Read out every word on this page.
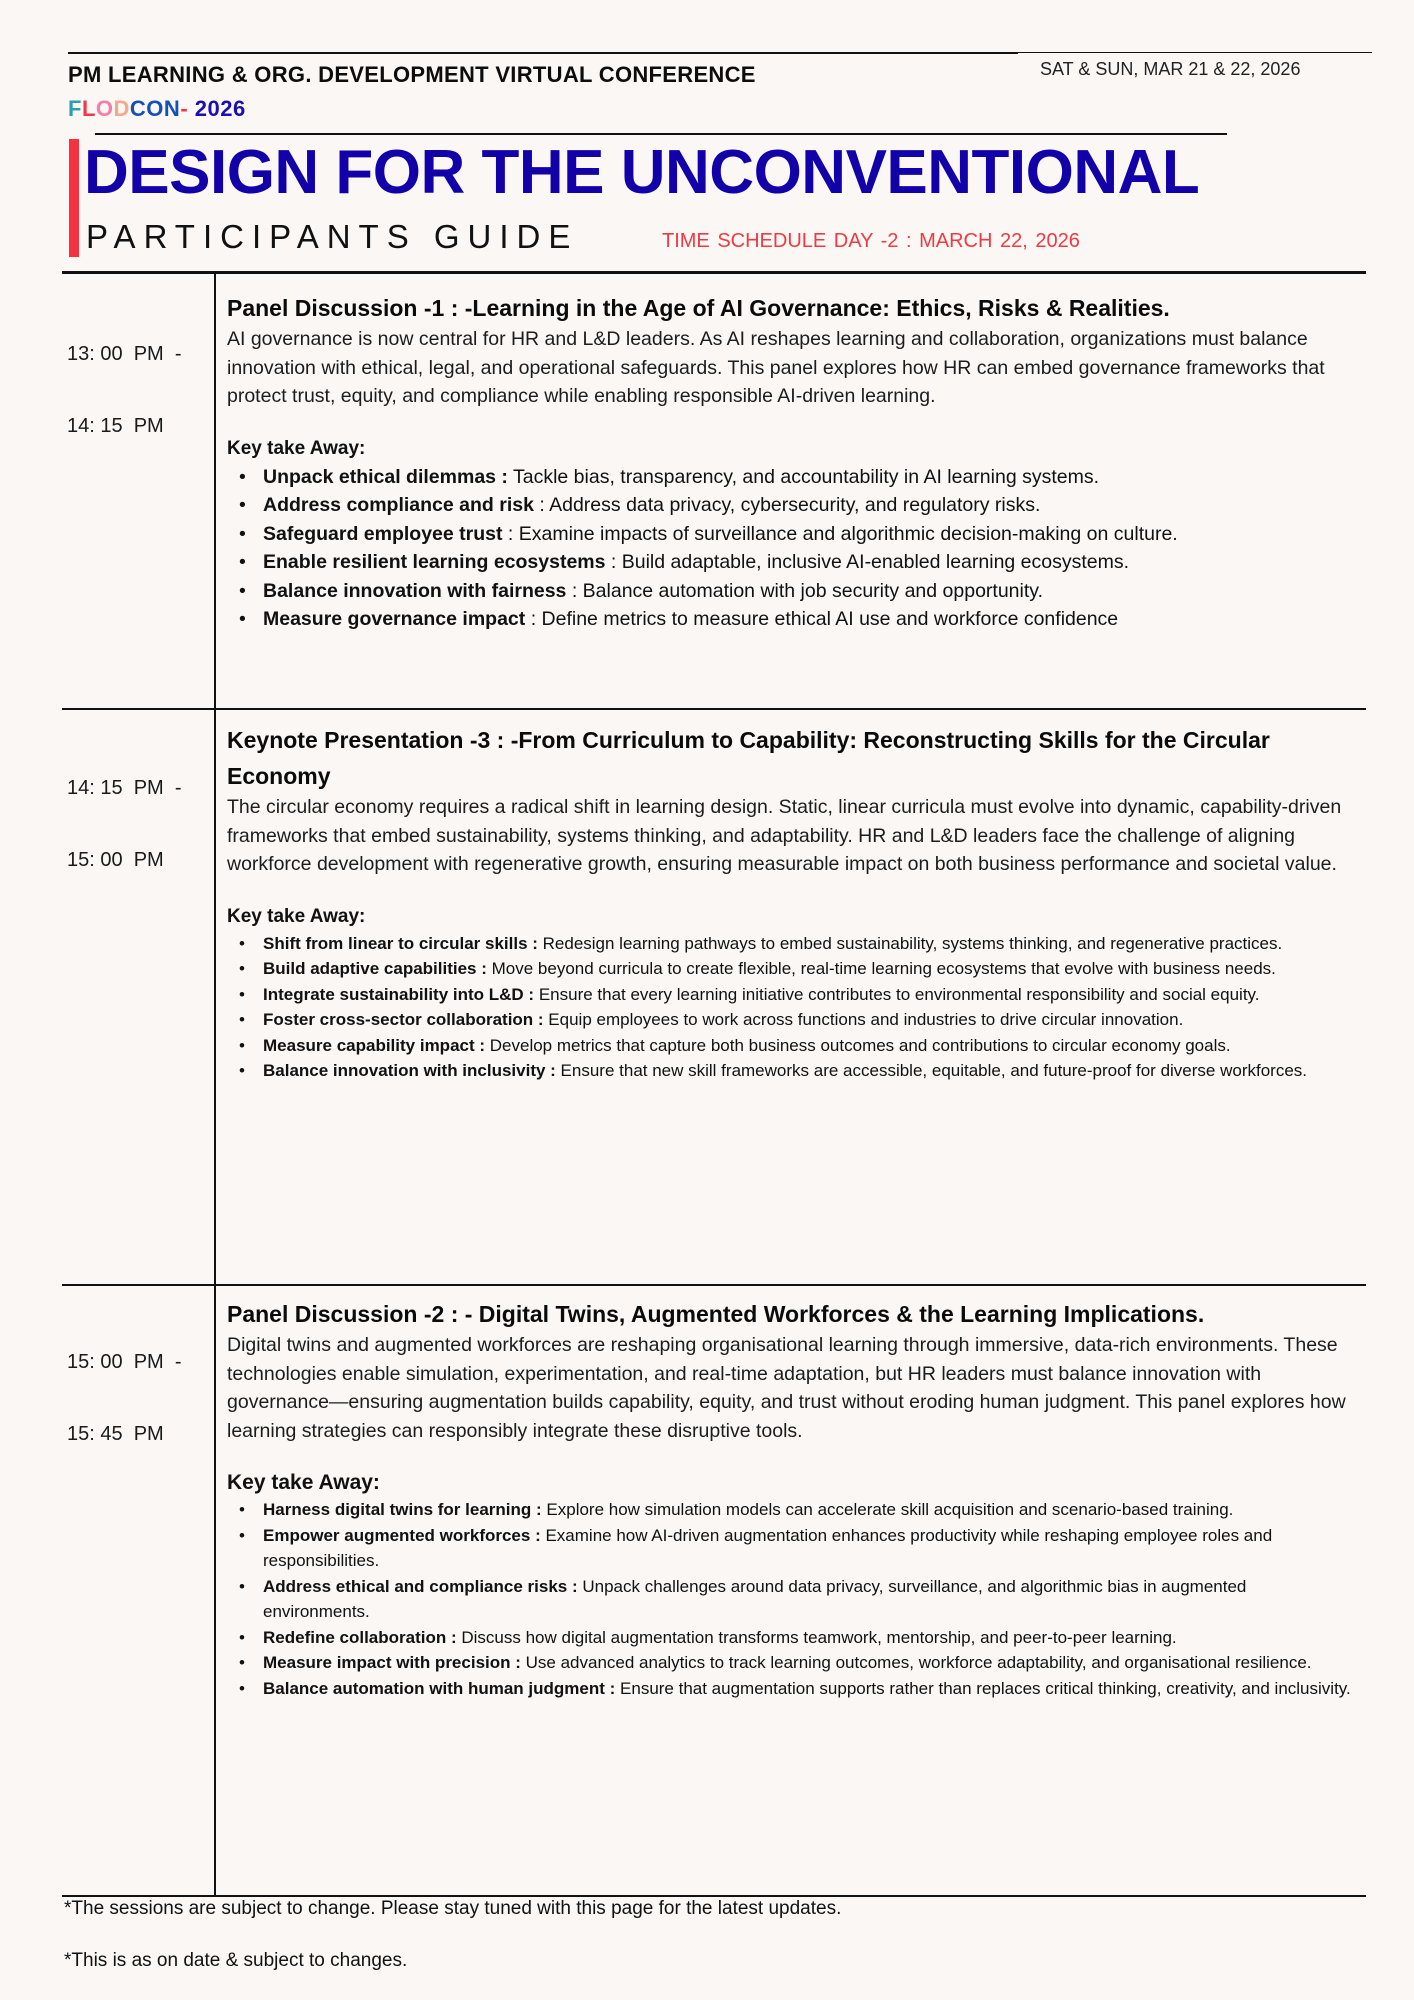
PM LEARNING & ORG. DEVELOPMENT VIRTUAL CONFERENCE	SAT & SUN, MAR 21 & 22, 2026
FLODCON- 2026
DESIGN FOR THE UNCONVENTIONAL
PARTICIPANTS GUIDE	TIME SCHEDULE DAY -2 : MARCH 22, 2026

13: 00  PM  -

14: 15  PM

Panel Discussion -1 : -Learning in the Age of AI Governance: Ethics, Risks & Realities.
AI governance is now central for HR and L&D leaders. As AI reshapes learning and collaboration, organizations must balance innovation with ethical, legal, and operational safeguards. This panel explores how HR can embed governance frameworks that protect trust, equity, and compliance while enabling responsible AI-driven learning.
Key take Away:
• Unpack ethical dilemmas : Tackle bias, transparency, and accountability in AI learning systems.
• Address compliance and risk : Address data privacy, cybersecurity, and regulatory risks.
• Safeguard employee trust : Examine impacts of surveillance and algorithmic decision-making on culture.
• Enable resilient learning ecosystems : Build adaptable, inclusive AI-enabled learning ecosystems.
• Balance innovation with fairness : Balance automation with job security and opportunity.
• Measure governance impact : Define metrics to measure ethical AI use and workforce confidence

14: 15  PM  -

15: 00  PM

Keynote Presentation -3 : -From Curriculum to Capability: Reconstructing Skills for the Circular Economy
The circular economy requires a radical shift in learning design. Static, linear curricula must evolve into dynamic, capability-driven frameworks that embed sustainability, systems thinking, and adaptability. HR and L&D leaders face the challenge of aligning workforce development with regenerative growth, ensuring measurable impact on both business performance and societal value.
Key take Away:
• Shift from linear to circular skills : Redesign learning pathways to embed sustainability, systems thinking, and regenerative practices.
• Build adaptive capabilities : Move beyond curricula to create flexible, real-time learning ecosystems that evolve with business needs.
• Integrate sustainability into L&D : Ensure that every learning initiative contributes to environmental responsibility and social equity.
• Foster cross-sector collaboration : Equip employees to work across functions and industries to drive circular innovation.
• Measure capability impact : Develop metrics that capture both business outcomes and contributions to circular economy goals.
• Balance innovation with inclusivity : Ensure that new skill frameworks are accessible, equitable, and future-proof for diverse workforces.

15: 00  PM  -

15: 45  PM

Panel Discussion -2 : - Digital Twins, Augmented Workforces & the Learning Implications.
Digital twins and augmented workforces are reshaping organisational learning through immersive, data-rich environments. These technologies enable simulation, experimentation, and real-time adaptation, but HR leaders must balance innovation with governance—ensuring augmentation builds capability, equity, and trust without eroding human judgment. This panel explores how learning strategies can responsibly integrate these disruptive tools.
Key take Away:
• Harness digital twins for learning : Explore how simulation models can accelerate skill acquisition and scenario-based training.
• Empower augmented workforces : Examine how AI-driven augmentation enhances productivity while reshaping employee roles and responsibilities.
• Address ethical and compliance risks : Unpack challenges around data privacy, surveillance, and algorithmic bias in augmented environments.
• Redefine collaboration : Discuss how digital augmentation transforms teamwork, mentorship, and peer-to-peer learning.
• Measure impact with precision : Use advanced analytics to track learning outcomes, workforce adaptability, and organisational resilience.
• Balance automation with human judgment : Ensure that augmentation supports rather than replaces critical thinking, creativity, and inclusivity.
*The sessions are subject to change. Please stay tuned with this page for the latest updates.
*This is as on date & subject to changes.
